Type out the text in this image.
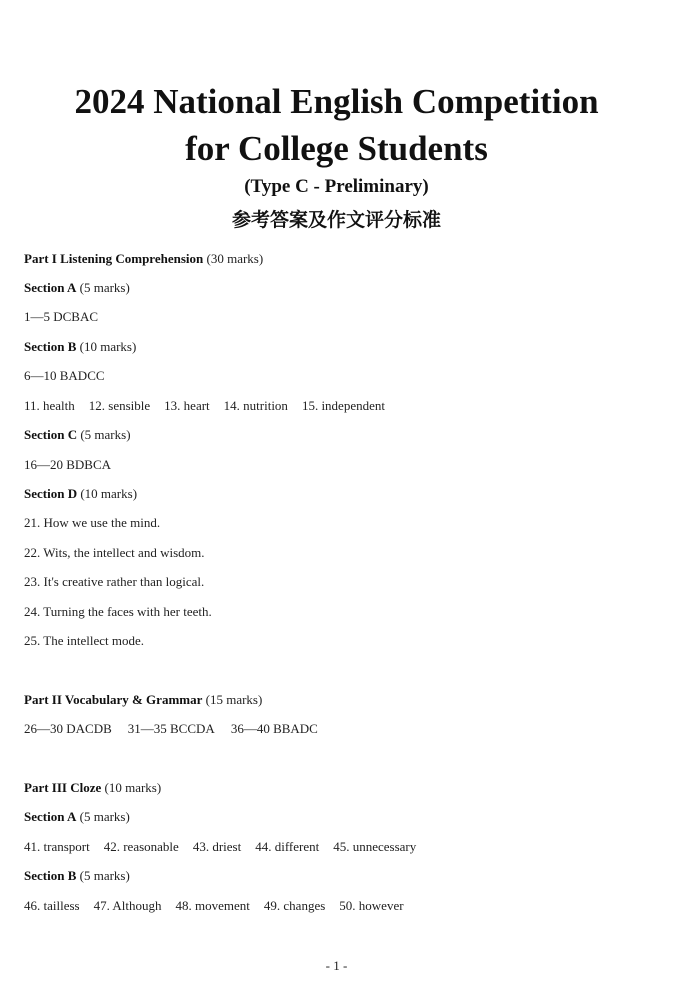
2024 National English Competition
for College Students
(Type C - Preliminary)
参考答案及作文评分标准
Part I Listening Comprehension (30 marks)
Section A (5 marks)
1—5 DCBAC
Section B (10 marks)
6—10 BADCC
11. health 12. sensible 13. heart 14. nutrition 15. independent
Section C (5 marks)
16—20 BDBCA
Section D (10 marks)
21. How we use the mind.
22. Wits, the intellect and wisdom.
23. It's creative rather than logical.
24. Turning the faces with her teeth.
25. The intellect mode.
Part II Vocabulary & Grammar (15 marks)
26—30 DACDB 31—35 BCCDA 36—40 BBADC
Part III Cloze (10 marks)
Section A (5 marks)
41. transport 42. reasonable 43. driest 44. different 45. unnecessary
Section B (5 marks)
46. tailless 47. Although 48. movement 49. changes 50. however
- 1 -
